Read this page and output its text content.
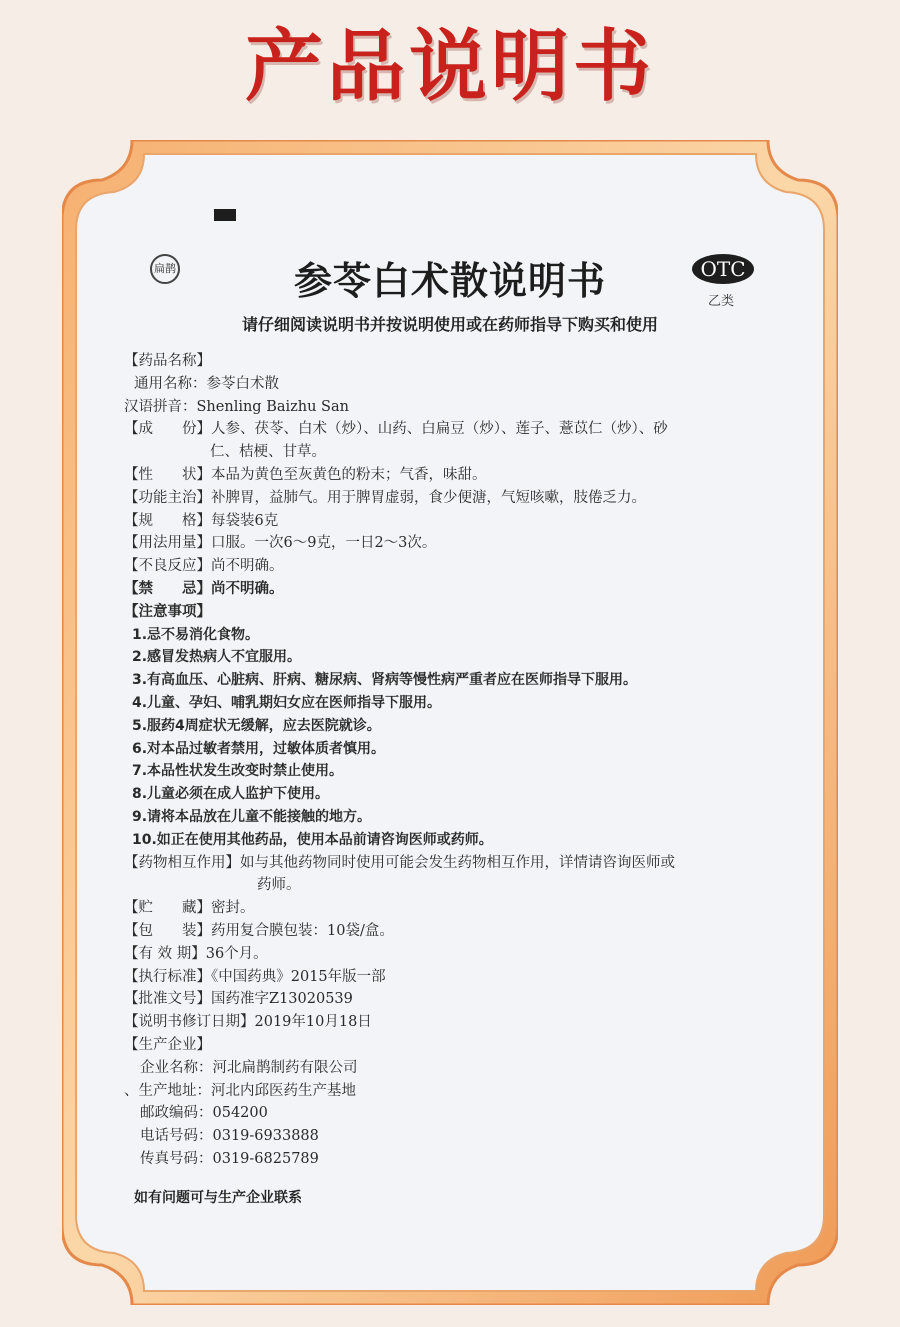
产品说明书
扁鹊	参苓白术散说明书	OTC
乙类
请仔细阅读说明书并按说明使用或在药师指导下购买和使用
【药品名称】
通用名称：参苓白术散
汉语拼音：Shenling Baizhu San
【成　　份】人参、茯苓、白术（炒）、山药、白扁豆（炒）、莲子、薏苡仁（炒）、砂
仁、桔梗、甘草。
【性　　状】本品为黄色至灰黄色的粉末；气香，味甜。
【功能主治】补脾胃，益肺气。用于脾胃虚弱，食少便溏，气短咳嗽，肢倦乏力。
【规　　格】每袋装6克
【用法用量】口服。一次6～9克，一日2～3次。
【不良反应】尚不明确。
【禁　　忌】尚不明确。
【注意事项】
1.忌不易消化食物。
2.感冒发热病人不宜服用。
3.有高血压、心脏病、肝病、糖尿病、肾病等慢性病严重者应在医师指导下服用。
4.儿童、孕妇、哺乳期妇女应在医师指导下服用。
5.服药4周症状无缓解，应去医院就诊。
6.对本品过敏者禁用，过敏体质者慎用。
7.本品性状发生改变时禁止使用。
8.儿童必须在成人监护下使用。
9.请将本品放在儿童不能接触的地方。
10.如正在使用其他药品，使用本品前请咨询医师或药师。
【药物相互作用】如与其他药物同时使用可能会发生药物相互作用，详情请咨询医师或
药师。
【贮　　藏】密封。
【包　　装】药用复合膜包装：10袋/盒。
【有 效 期】36个月。
【执行标准】《中国药典》2015年版一部
【批准文号】国药准字Z13020539
【说明书修订日期】2019年10月18日
【生产企业】
企业名称：河北扁鹊制药有限公司
、生产地址：河北内邱医药生产基地
邮政编码：054200
电话号码：0319-6933888
传真号码：0319-6825789
如有问题可与生产企业联系
